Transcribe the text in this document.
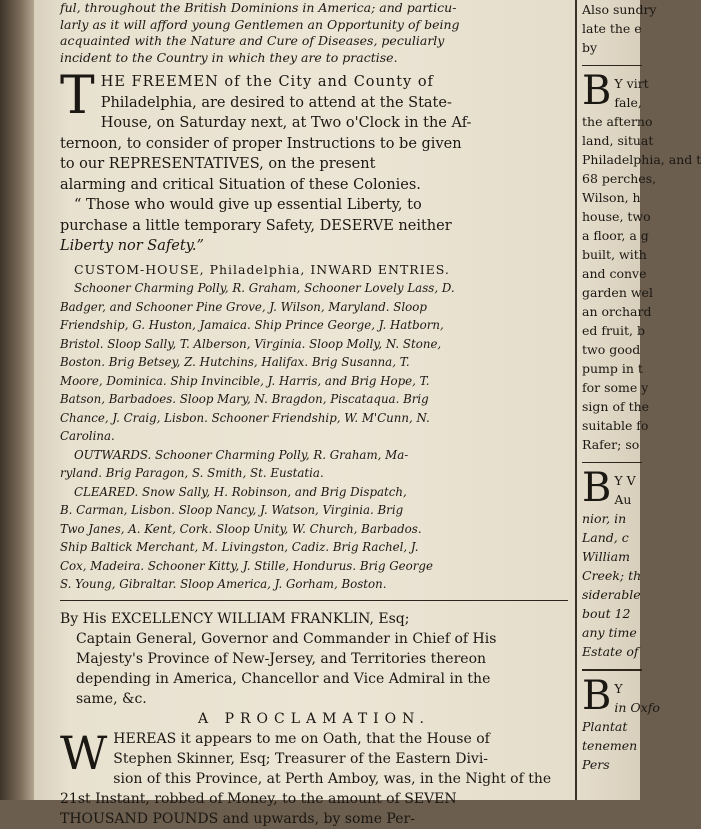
ful, throughout the British Dominions in America; and particu-

larly as it will afford young Gentlemen an Opportunity of being

acquainted with the Nature and Cure of Diseases, peculiarly

incident to the Country in which they are to practise.

T HE FREEMEN of the City and County of

Philadelphia, are desired to attend at the State-

House, on Saturday next, at Two o'Clock in the Af-

ternoon, to consider of proper Instructions to be given

to our REPRESENTATIVES, on the present

alarming and critical Situation of these Colonies.

“ Those who would give up essential Liberty, to

purchase a little temporary Safety, DESERVE neither

Liberty nor Safety.”

CUSTOM-HOUSE, Philadelphia, INWARD ENTRIES.

Schooner Charming Polly, R. Graham, Schooner Lovely Lass, D.

Badger, and Schooner Pine Grove, J. Wilson, Maryland. Sloop

Friendship, G. Huston, Jamaica. Ship Prince George, J. Hatborn,

Bristol. Sloop Sally, T. Alberson, Virginia. Sloop Molly, N. Stone,

Boston. Brig Betsey, Z. Hutchins, Halifax. Brig Susanna, T.

Moore, Dominica. Ship Invincible, J. Harris, and Brig Hope, T.

Batson, Barbadoes. Sloop Mary, N. Bragdon, Piscataqua. Brig

Chance, J. Craig, Lisbon. Schooner Friendship, W. M'Cunn, N.

Carolina.

OUTWARDS. Schooner Charming Polly, R. Graham, Ma-

ryland. Brig Paragon, S. Smith, St. Eustatia.

CLEARED. Snow Sally, H. Robinson, and Brig Dispatch,

B. Carman, Lisbon. Sloop Nancy, J. Watson, Virginia. Brig

Two Janes, A. Kent, Cork. Sloop Unity, W. Church, Barbados.

Ship Baltick Merchant, M. Livingston, Cadiz. Brig Rachel, J.

Cox, Madeira. Schooner Kitty, J. Stille, Hondurus. Brig George

S. Young, Gibraltar. Sloop America, J. Gorham, Boston.

By His EXCELLENCY WILLIAM FRANKLIN, Esq;

Captain General, Governor and Commander in Chief of His

Majesty's Province of New-Jersey, and Territories thereon

depending in America, Chancellor and Vice Admiral in the

same, &c.

A PROCLAMATION.

W HEREAS it appears to me on Oath, that the House of

Stephen Skinner, Esq; Treasurer of the Eastern Divi-

sion of this Province, at Perth Amboy, was, in the Night of the

21st Instant, robbed of Money, to the amount of SEVEN

THOUSAND POUNDS and upwards, by some Per-

Also sundry

late the e

by

B Y virt

fale,

the afterno

land, situat

Philadelphia, and t

68 perches,

Wilson, h

house, two

a floor, a g

built, with

and conve

garden wel

an orchard

ed fruit, b

two good

pump in t

for some y

sign of the

suitable fo

Rafer; so

B Y V

Au

nior, in

Land, c

William

Creek; th

siderable

bout 12

any time

Estate of

B Y

in Oxfo

Plantat

tenemen

Pers
